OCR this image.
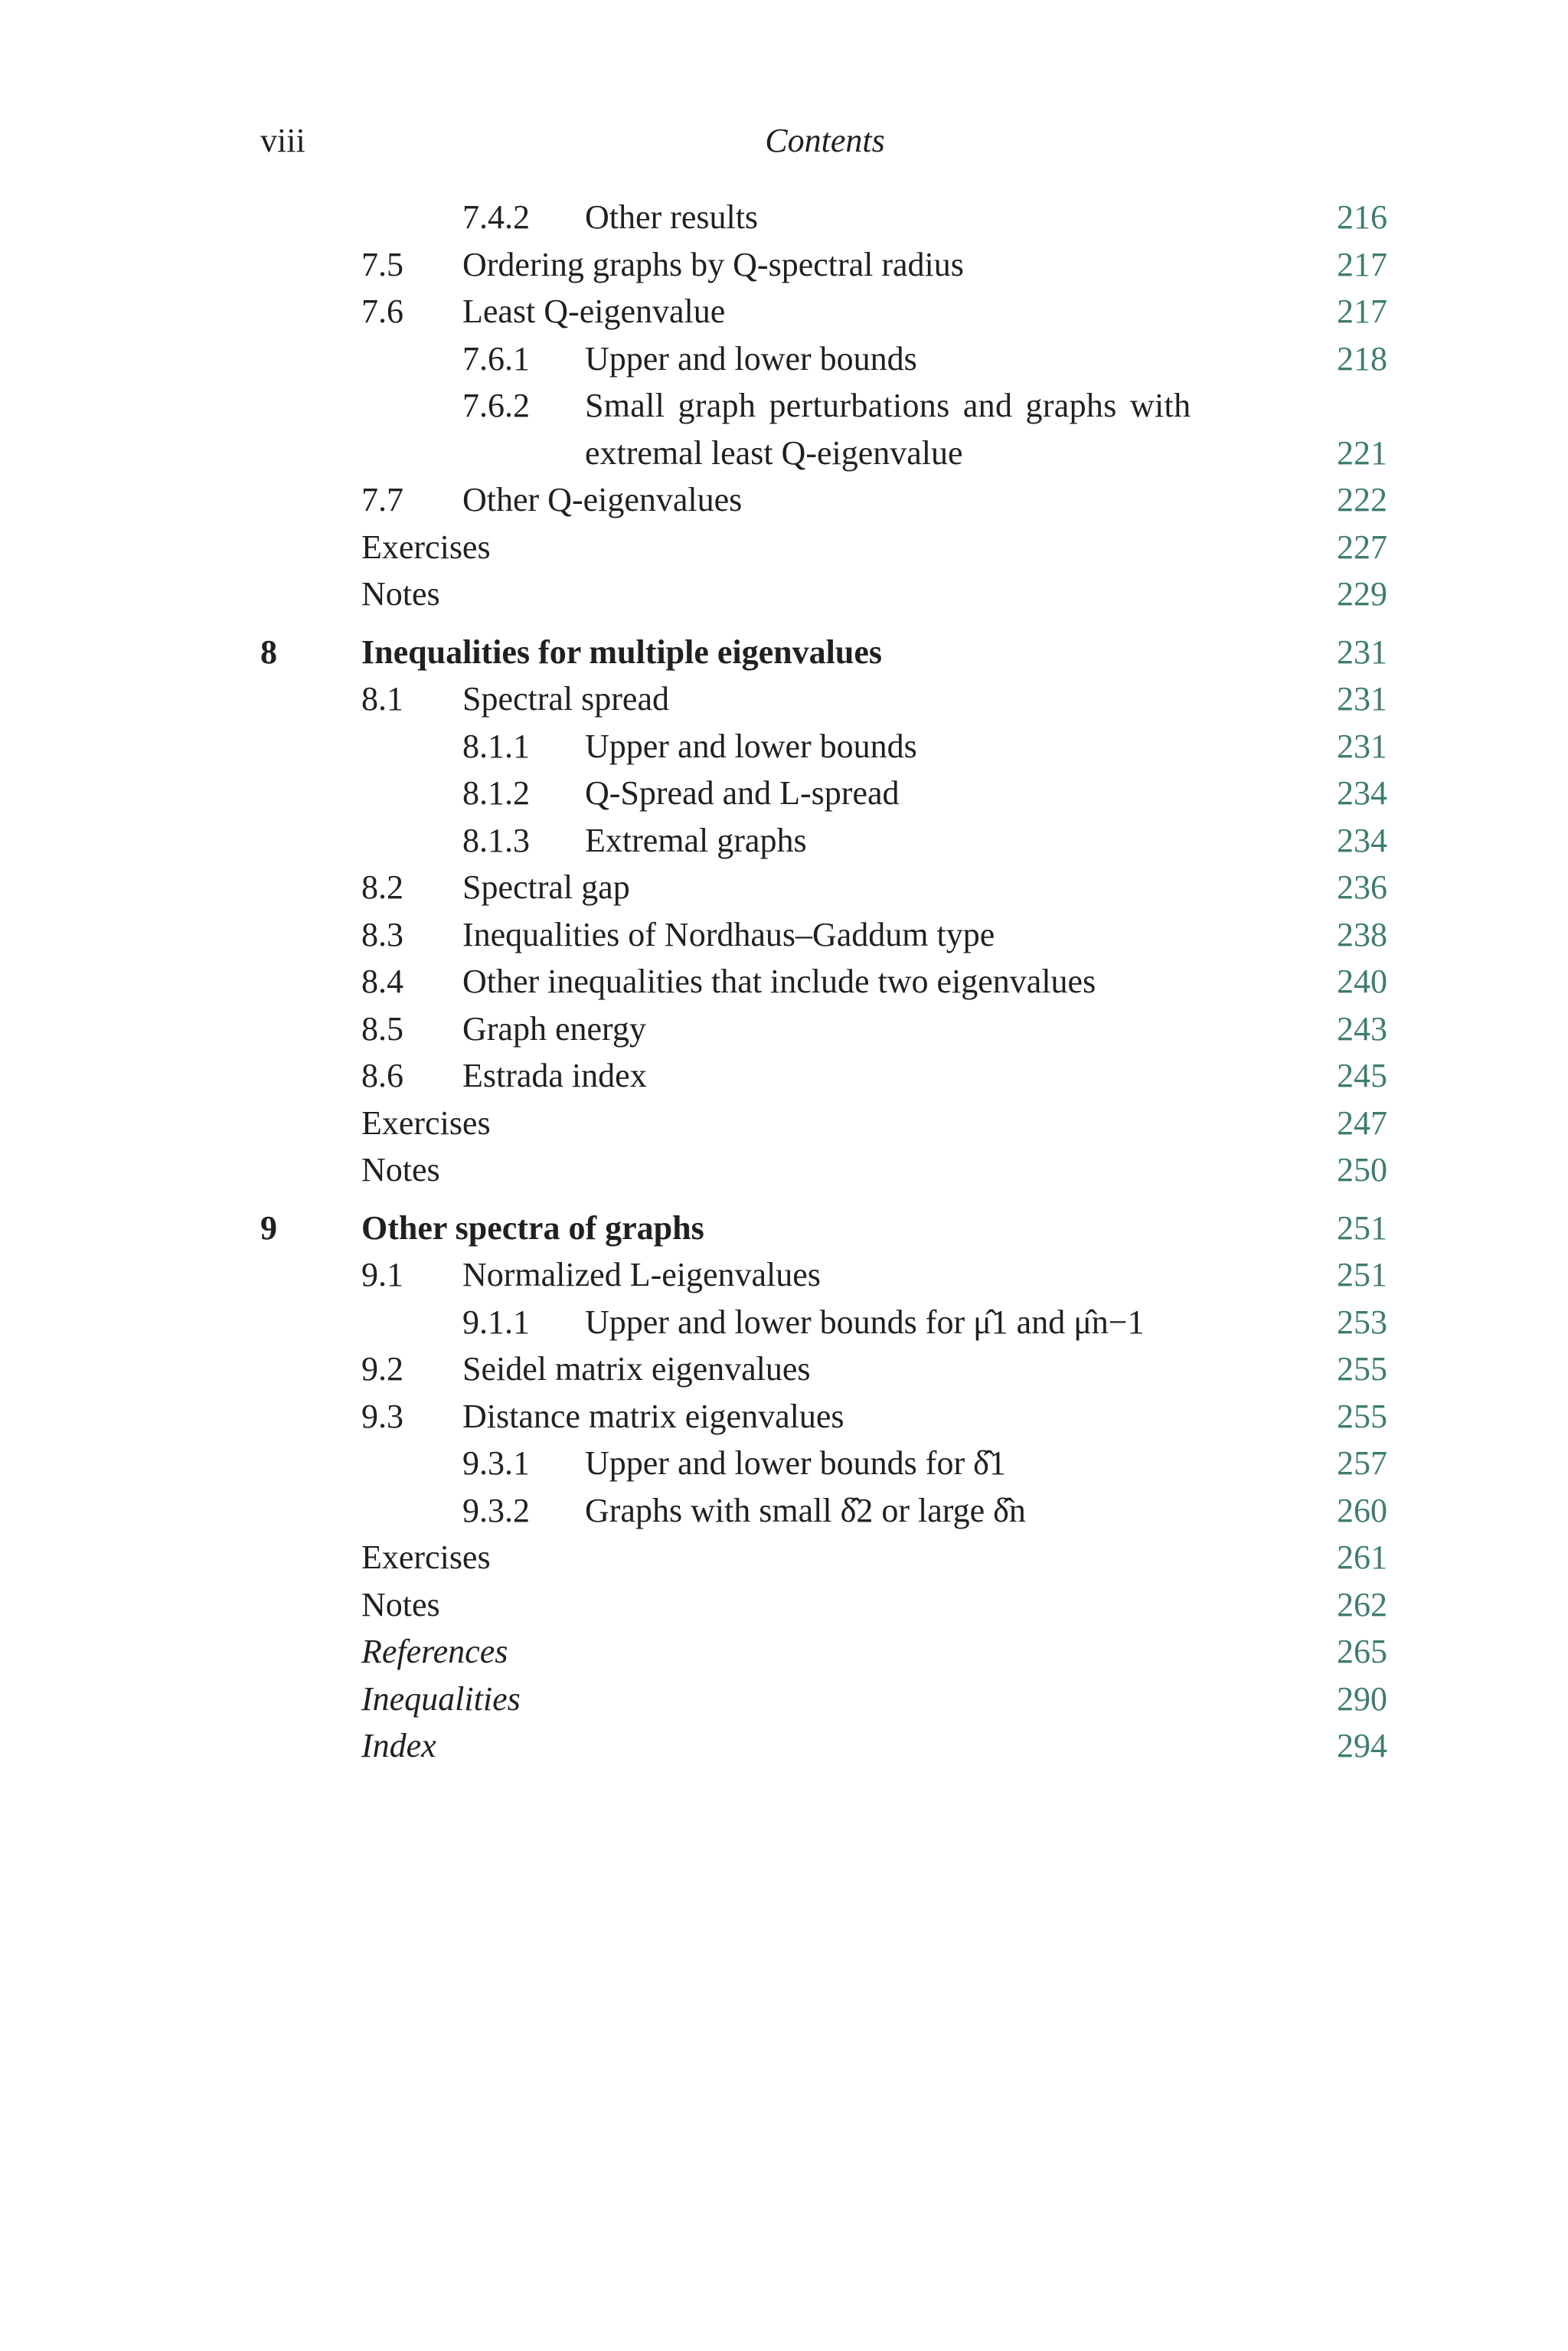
viii	Contents
7.4.2 Other results	216
7.5 Ordering graphs by Q-spectral radius	217
7.6 Least Q-eigenvalue	217
7.6.1 Upper and lower bounds	218
7.6.2 Small graph perturbations and graphs with
extremal least Q-eigenvalue	221
7.7 Other Q-eigenvalues	222
Exercises	227
Notes	229
8	Inequalities for multiple eigenvalues	231
8.1 Spectral spread	231
8.1.1 Upper and lower bounds	231
8.1.2 Q-Spread and L-spread	234
8.1.3 Extremal graphs	234
8.2 Spectral gap	236
8.3 Inequalities of Nordhaus–Gaddum type	238
8.4 Other inequalities that include two eigenvalues	240
8.5 Graph energy	243
8.6 Estrada index	245
Exercises	247
Notes	250
9	Other spectra of graphs	251
9.1 Normalized L-eigenvalues	251
9.1.1 Upper and lower bounds for μ̂1 and μ̂n−1	253
9.2 Seidel matrix eigenvalues	255
9.3 Distance matrix eigenvalues	255
9.3.1 Upper and lower bounds for δ̂1	257
9.3.2 Graphs with small δ̂2 or large δ̂n	260
Exercises	261
Notes	262
References	265
Inequalities	290
Index	294
